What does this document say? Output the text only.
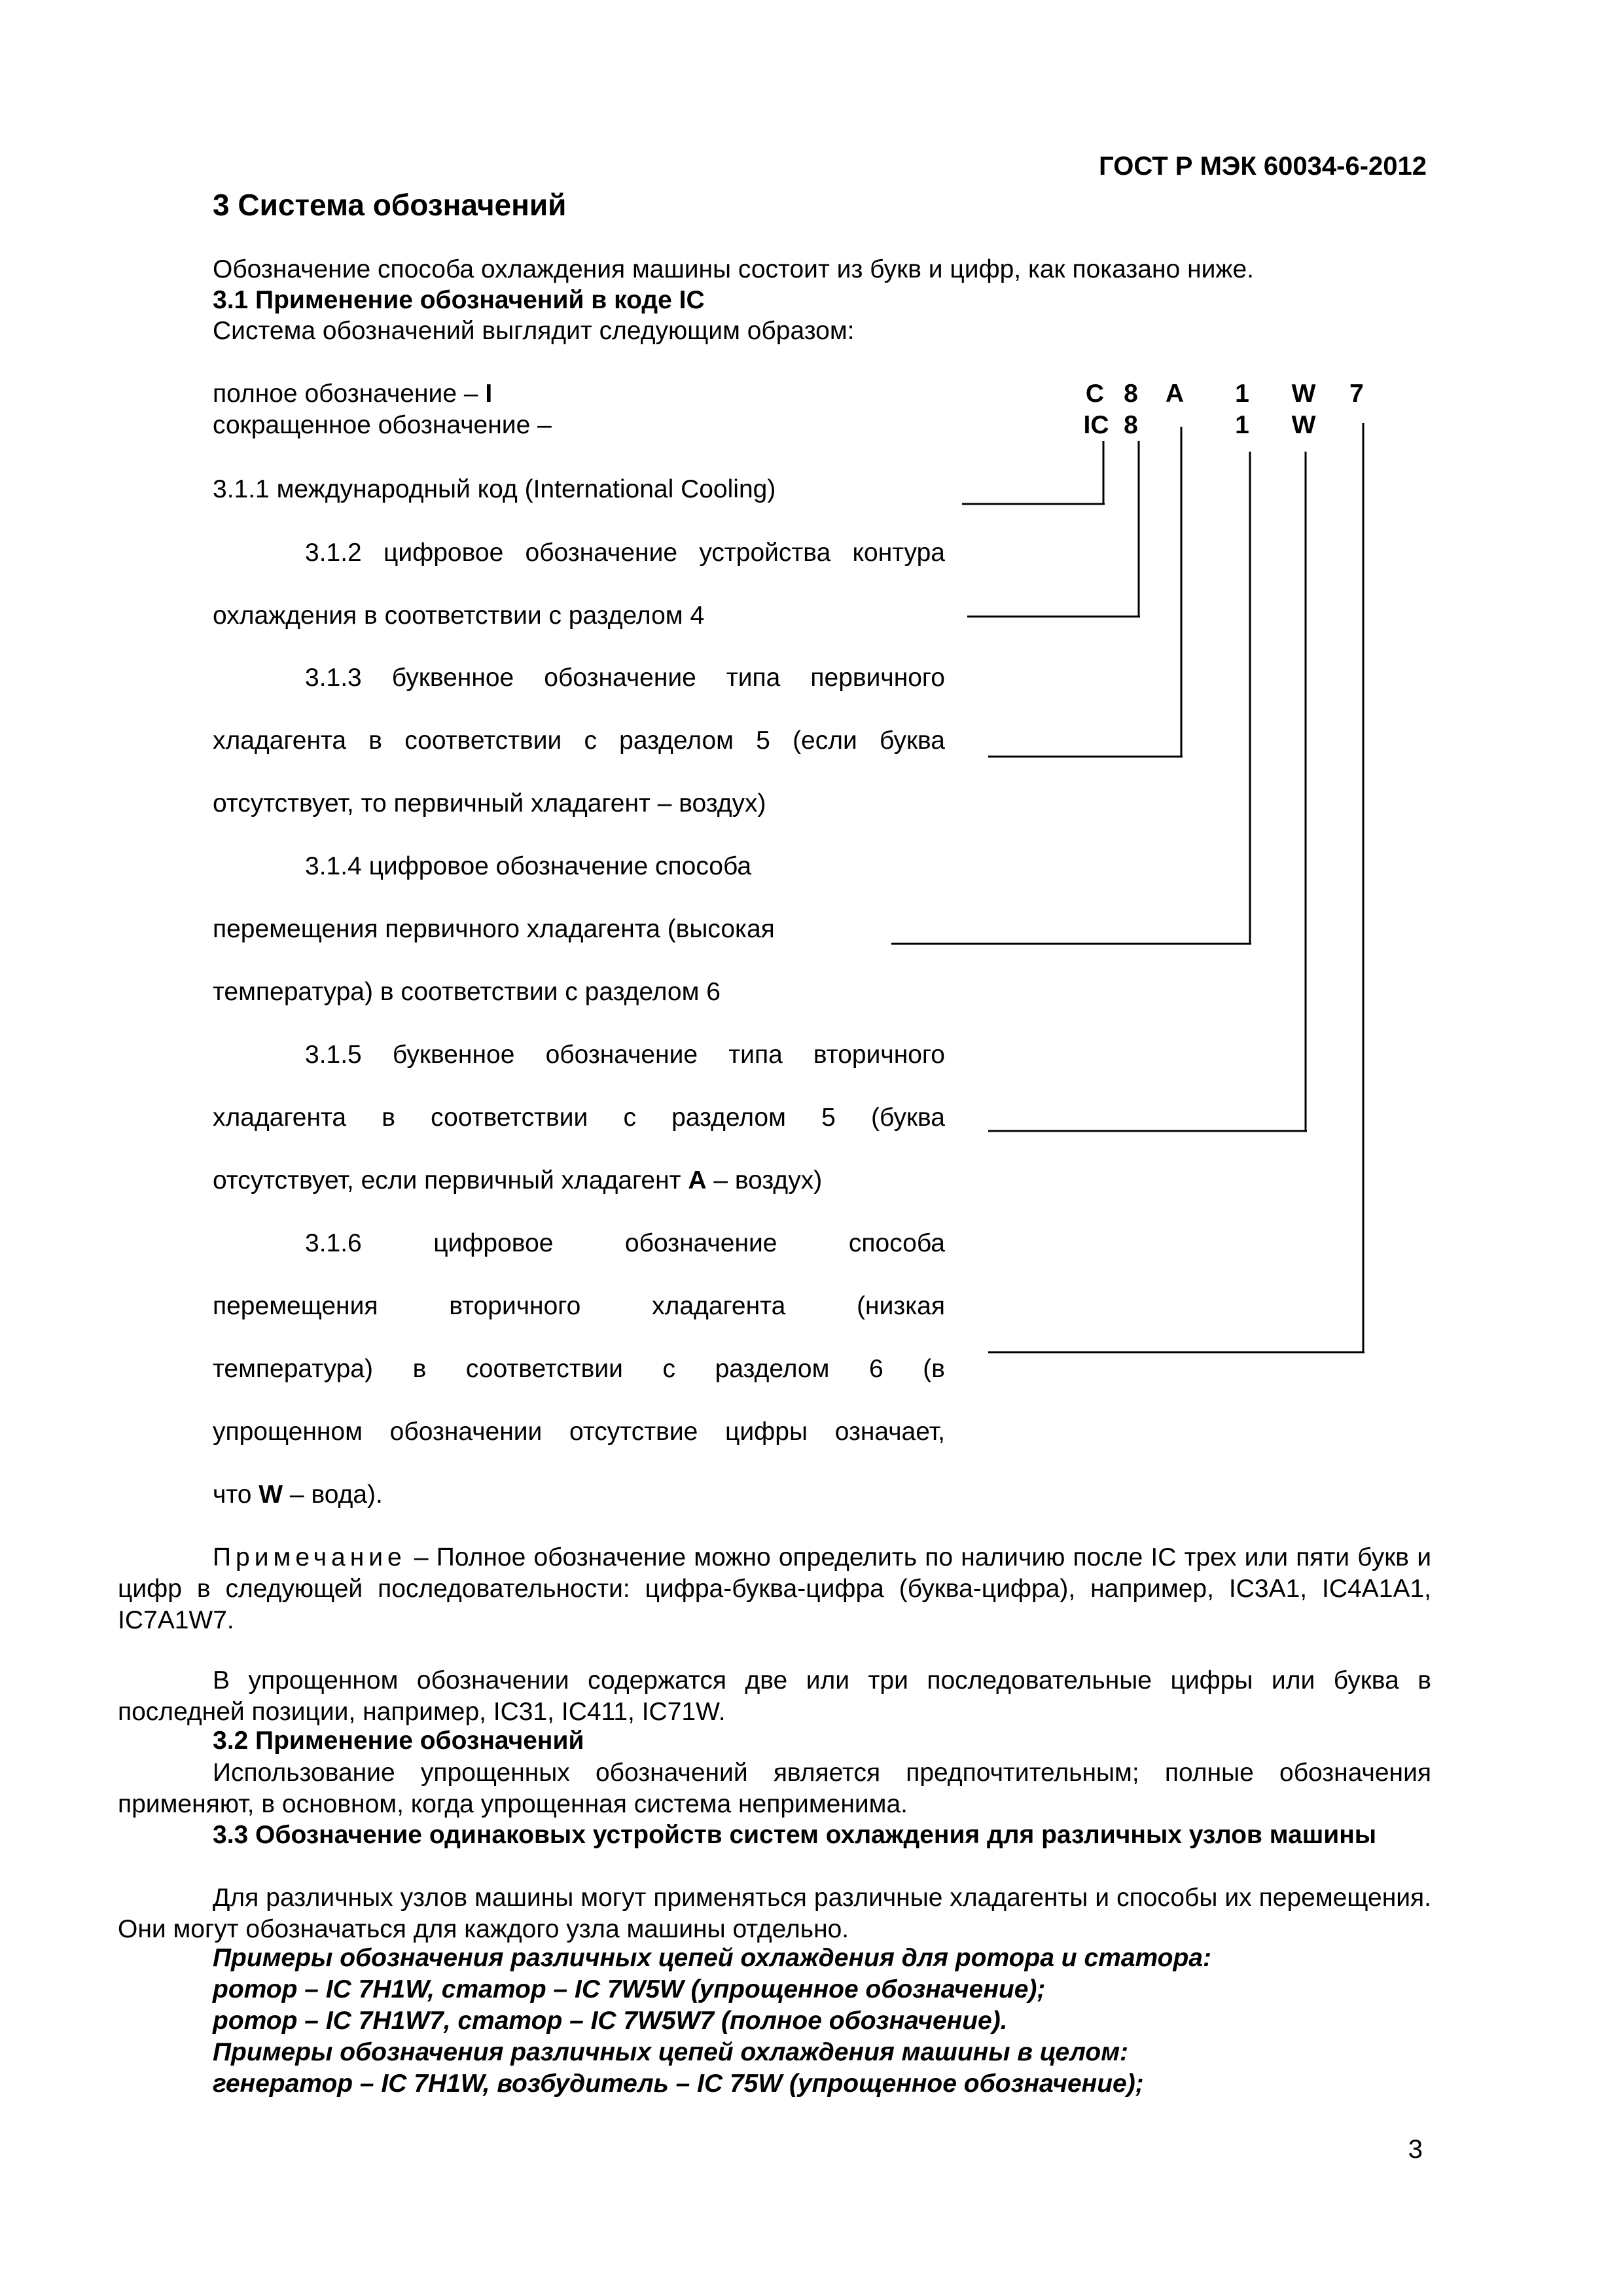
ГОСТ Р МЭК 60034-6-2012
3 Система обозначений
Обозначение способа охлаждения машины состоит из букв и цифр, как показано ниже.
3.1 Применение обозначений в коде IC
Система обозначений выглядит следующим образом:
полное обозначение – I
сокращенное обозначение –
C 8	A	1	W	7
IC 8	1	W
3.1.1 международный код (International Cooling)
3.1.2 цифровое обозначение устройства контура
охлаждения в соответствии с разделом 4
3.1.3 буквенное обозначение типа первичного
хладагента в соответствии с разделом 5 (если буква
отсутствует, то первичный хладагент – воздух)
3.1.4 цифровое обозначение способа
перемещения первичного хладагента (высокая
температура) в соответствии с разделом 6
3.1.5 буквенное обозначение типа вторичного
хладагента в соответствии с разделом 5 (буква
отсутствует, если первичный хладагент А – воздух)
3.1.6 цифровое обозначение способа
перемещения вторичного хладагента (низкая
температура) в соответствии с разделом 6 (в
упрощенном обозначении отсутствие цифры означает,
что W – вода).
Примечание – Полное обозначение можно определить по наличию после IC трех или пяти букв и цифр в следующей последовательности: цифра-буква-цифра (буква-цифра), например, IC3A1, IC4A1A1, IC7A1W7.
В упрощенном обозначении содержатся две или три последовательные цифры или буква в последней позиции, например, IC31, IC411, IC71W.
3.2 Применение обозначений
Использование упрощенных обозначений является предпочтительным; полные обозначения применяют, в основном, когда упрощенная система неприменима.
3.3 Обозначение одинаковых устройств систем охлаждения для различных узлов машины
Для различных узлов машины могут применяться различные хладагенты и способы их перемещения. Они могут обозначаться для каждого узла машины отдельно.
Примеры обозначения различных цепей охлаждения для ротора и статора:
ротор – IC 7H1W, статор – IC 7W5W (упрощенное обозначение);
ротор – IC 7H1W7, статор – IC 7W5W7 (полное обозначение).
Примеры обозначения различных цепей охлаждения машины в целом:
генератор – IC 7H1W, возбудитель – IC 75W (упрощенное обозначение);
3
